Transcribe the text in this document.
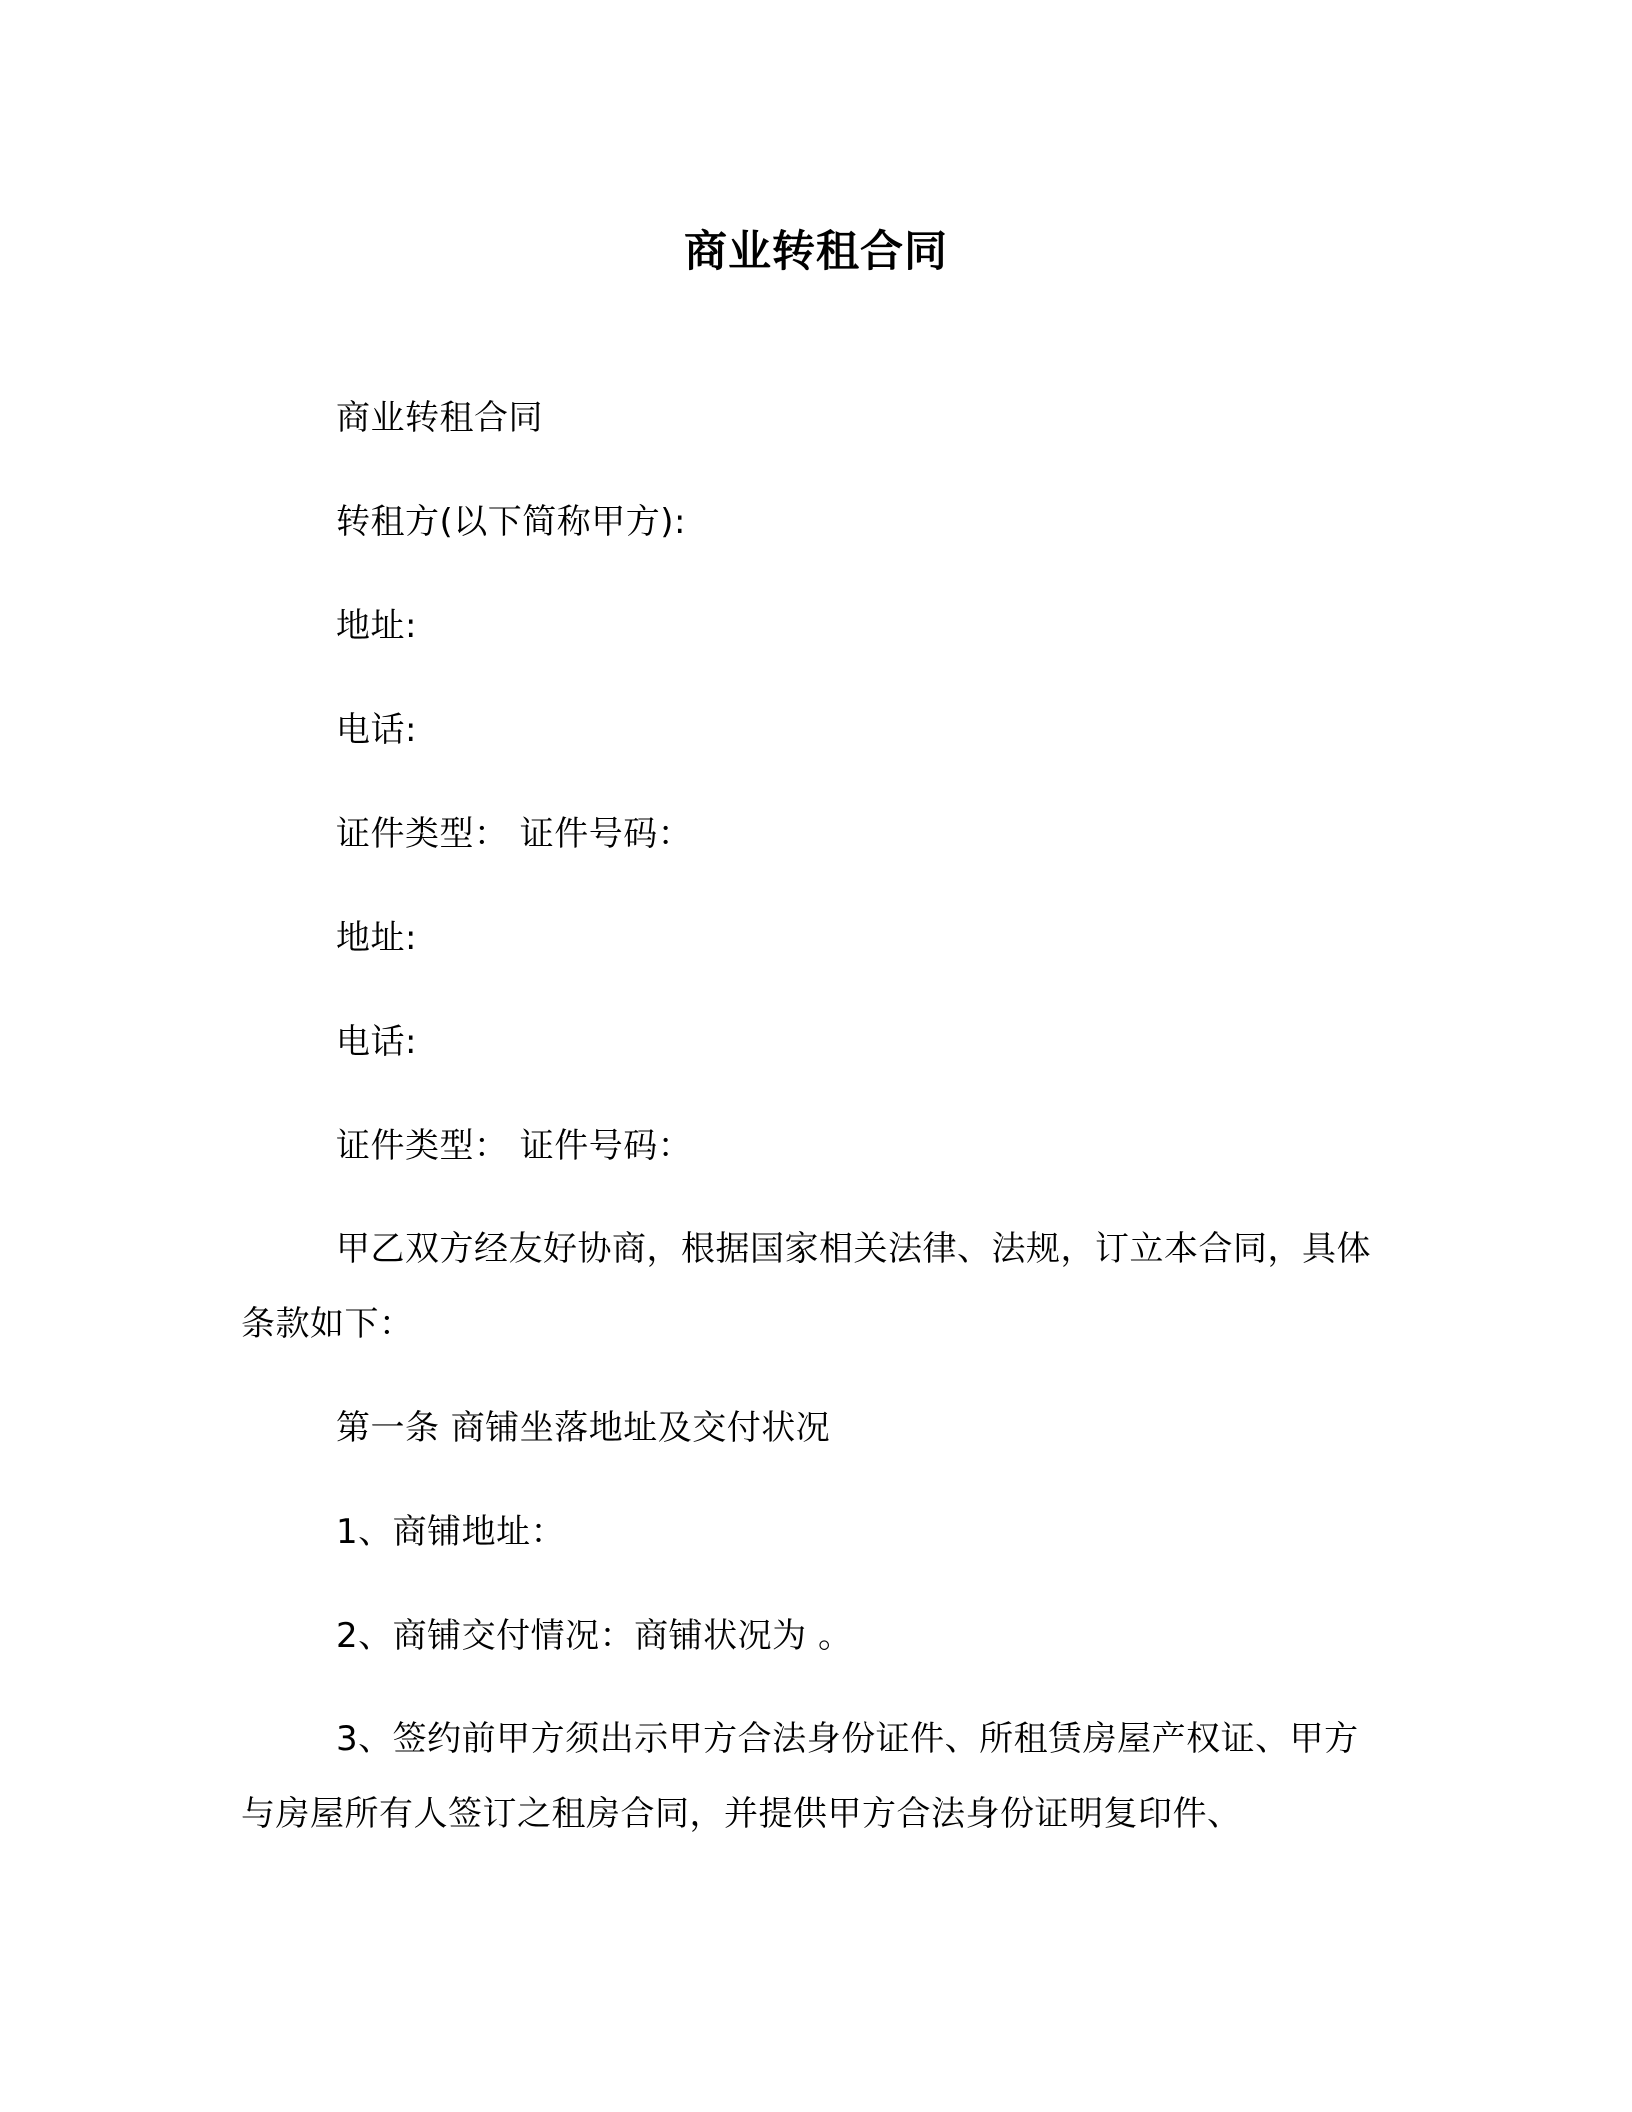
商业转租合同

商业转租合同

转租方(以下简称甲方):

地址:

电话:

证件类型： 证件号码：

地址:

电话:

证件类型： 证件号码：

甲乙双方经友好协商，根据国家相关法律、法规，订立本合同，具体条款如下：

第一条 商铺坐落地址及交付状况

1、商铺地址：

2、商铺交付情况：商铺状况为 。

3、签约前甲方须出示甲方合法身份证件、所租赁房屋产权证、甲方与房屋所有人签订之租房合同，并提供甲方合法身份证明复印件、
